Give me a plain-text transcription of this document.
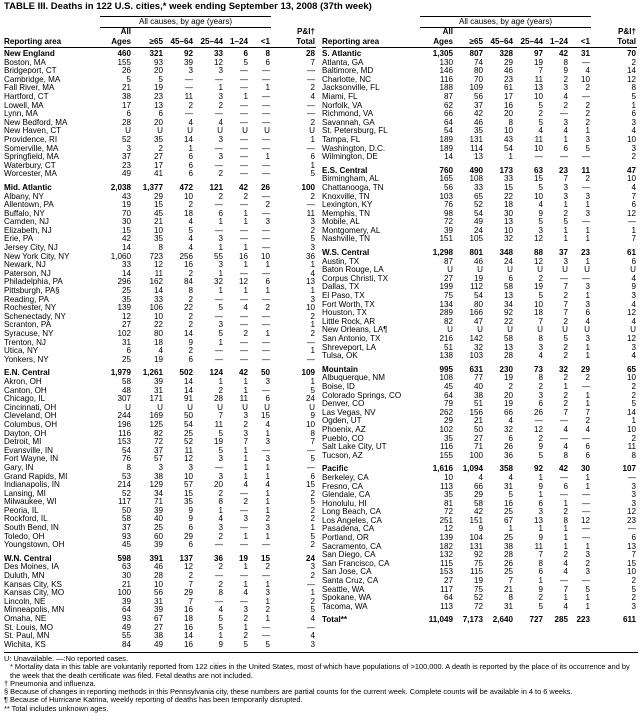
TABLE III. Deaths in 122 U.S. cities,* week ending September 13, 2008 (37th week)
	All causes, by age (years)						
	All						P&I†
Reporting area	Ages	≥65	45–64	25–44	1–24	<1	Total
New England	460	321	92	33	6	8	28
Boston, MA	155	93	39	12	5	6	7
Bridgeport, CT	26	20	3	3	—	—	—
Cambridge, MA	5	5	—	—	—	—	—
Fall River, MA	21	19	—	1	—	1	2
Hartford, CT	38	23	11	3	1	—	4
Lowell, MA	17	13	2	2	—	—	—
Lynn, MA	6	6	—	—	—	—	—
New Bedford, MA	28	20	4	4	—	—	2
New Haven, CT	U	U	U	U	U	U	U
Providence, RI	52	35	14	3	—	—	1
Somerville, MA	3	2	1	—	—	—	—
Springfield, MA	37	27	6	3	—	1	6
Waterbury, CT	23	17	6	—	—	—	1
Worcester, MA	49	41	6	2	—	—	5

Mid. Atlantic	2,038	1,377	472	121	42	26	100
Albany, NY	43	29	10	2	2	—	2
Allentown, PA	19	15	2	—	—	2	—
Buffalo, NY	70	45	18	6	1	—	11
Camden, NJ	30	21	4	1	1	3	3
Elizabeth, NJ	15	10	5	—	—	—	2
Erie, PA	42	35	4	3	—	—	5
Jersey City, NJ	14	8	4	1	1	—	3
New York City, NY	1,060	723	256	55	16	10	36
Newark, NJ	33	12	16	3	1	1	1
Paterson, NJ	14	11	2	1	—	—	4
Philadelphia, PA	296	162	84	32	12	6	13
Pittsburgh, PA§	25	14	8	1	1	1	1
Reading, PA	35	33	2	—	—	—	3
Rochester, NY	139	106	22	5	4	2	10
Schenectady, NY	12	10	2	—	—	—	2
Scranton, PA	27	22	2	3	—	—	1
Syracuse, NY	102	80	14	5	2	1	2
Trenton, NJ	31	18	9	1	—	—	—
Utica, NY	6	4	2	—	—	—	1
Yonkers, NY	25	19	6	—	—	—	—

E.N. Central	1,979	1,261	502	124	42	50	109
Akron, OH	58	39	14	1	1	3	1
Canton, OH	48	31	14	2	1	—	5
Chicago, IL	307	171	91	28	11	6	24
Cincinnati, OH	U	U	U	U	U	U	U
Cleveland, OH	244	169	50	7	3	15	9
Columbus, OH	196	125	54	11	2	4	10
Dayton, OH	116	82	25	5	3	1	8
Detroit, MI	153	72	52	19	7	3	7
Evansville, IN	54	37	11	5	1	—	—
Fort Wayne, IN	76	57	12	3	1	3	5
Gary, IN	8	3	3	—	1	1	—
Grand Rapids, MI	53	38	10	3	1	1	6
Indianapolis, IN	214	129	57	20	4	4	15
Lansing, MI	52	34	15	2	—	1	2
Milwaukee, WI	117	71	35	8	2	1	5
Peoria, IL	50	39	9	1	—	1	2
Rockford, IL	58	40	9	4	3	2	2
South Bend, IN	37	25	6	3	—	3	1
Toledo, OH	93	60	29	2	1	1	5
Youngstown, OH	45	39	6	—	—	—	2

W.N. Central	598	391	137	36	19	15	24
Des Moines, IA	63	46	12	2	1	2	3
Duluth, MN	30	28	2	—	—	—	2
Kansas City, KS	21	10	7	2	1	1	—
Kansas City, MO	100	56	29	8	4	3	1
Lincoln, NE	39	31	7	—	—	1	2
Minneapolis, MN	64	39	16	4	3	2	5
Omaha, NE	93	67	18	5	2	1	4
St. Louis, MO	49	27	16	5	1	—	—
St. Paul, MN	55	38	14	1	2	—	4
Wichita, KS	84	49	16	9	5	5	3
	All causes, by age (years)						
	All						P&I†
Reporting area	Ages	≥65	45–64	25–44	1–24	<1	Total
S. Atlantic	1,305	807	328	97	42	31	70
Atlanta, GA	130	74	29	19	8	—	2
Baltimore, MD	146	80	46	7	9	4	14
Charlotte, NC	116	70	23	11	2	10	12
Jacksonville, FL	188	109	61	13	3	2	8
Miami, FL	87	56	17	10	4	—	5
Norfolk, VA	62	37	16	5	2	2	1
Richmond, VA	66	42	20	2	—	2	6
Savannah, GA	64	46	8	5	3	2	3
St. Petersburg, FL	54	35	10	4	4	1	4
Tampa, FL	189	131	43	11	1	3	10
Washington, D.C.	189	114	54	10	6	5	3
Wilmington, DE	14	13	1	—	—	—	2

E.S. Central	760	490	173	63	23	11	47
Birmingham, AL	165	108	33	15	7	2	10
Chattanooga, TN	56	33	15	5	3	—	4
Knoxville, TN	103	65	22	10	3	3	7
Lexington, KY	76	52	18	4	1	1	6
Memphis, TN	98	54	30	9	2	3	12
Mobile, AL	72	49	13	5	5	—	—
Montgomery, AL	39	24	10	3	1	1	1
Nashville, TN	151	105	32	12	1	1	7

W.S. Central	1,298	801	348	88	37	23	61
Austin, TX	87	46	24	12	3	1	6
Baton Rouge, LA	U	U	U	U	U	U	U
Corpus Christi, TX	27	19	6	2	—	—	4
Dallas, TX	199	112	58	19	7	3	9
El Paso, TX	75	54	13	5	2	1	3
Fort Worth, TX	134	80	34	10	7	3	4
Houston, TX	289	166	92	18	7	6	12
Little Rock, AR	82	47	22	7	2	4	4
New Orleans, LA¶	U	U	U	U	U	U	U
San Antonio, TX	216	142	58	8	5	3	12
Shreveport, LA	51	32	13	3	2	1	3
Tulsa, OK	138	103	28	4	2	1	4

Mountain	995	631	230	73	32	29	65
Albuquerque, NM	108	77	19	8	2	2	10
Boise, ID	45	40	2	2	1	—	2
Colorado Springs, CO	64	38	20	3	2	1	2
Denver, CO	79	51	19	6	2	1	5
Las Vegas, NV	262	156	66	26	7	7	14
Ogden, UT	29	21	4	—	—	2	1
Phoenix, AZ	102	50	32	12	4	4	10
Pueblo, CO	35	27	6	2	—	—	2
Salt Lake City, UT	116	71	26	9	4	6	11
Tucson, AZ	155	100	36	5	8	6	8

Pacific	1,616	1,094	358	92	42	30	107
Berkeley, CA	10	4	4	1	—	1	—
Fresno, CA	113	66	31	9	6	1	3
Glendale, CA	35	29	5	1	—	—	3
Honolulu, HI	81	58	16	6	1	—	3
Long Beach, CA	72	42	25	3	2	—	12
Los Angeles, CA	251	151	67	13	8	12	23
Pasadena, CA	12	9	1	1	1	—	—
Portland, OR	139	104	25	9	1	—	6
Sacramento, CA	182	131	38	11	1	1	13
San Diego, CA	132	92	28	7	2	3	7
San Francisco, CA	115	75	26	8	4	2	15
San Jose, CA	153	115	25	6	4	3	10
Santa Cruz, CA	27	19	7	1	—	—	2
Seattle, WA	117	75	21	9	7	5	5
Spokane, WA	64	52	8	2	1	1	2
Tacoma, WA	113	72	31	5	4	1	3

Total**	11,049	7,173	2,640	727	285	223	611
U: Unavailable. —:No reported cases.
* Mortality data in this table are voluntarily reported from 122 cities in the United States, most of which have populations of >100,000. A death is reported by the place of its occurrence and by the week that the death certificate was filed. Fetal deaths are not included.
† Pneumonia and influenza.
§ Because of changes in reporting methods in this Pennsylvania city, these numbers are partial counts for the current week. Complete counts will be available in 4 to 6 weeks.
¶ Because of Hurricane Katrina, weekly reporting of deaths has been temporarily disrupted.
** Total includes unknown ages.
